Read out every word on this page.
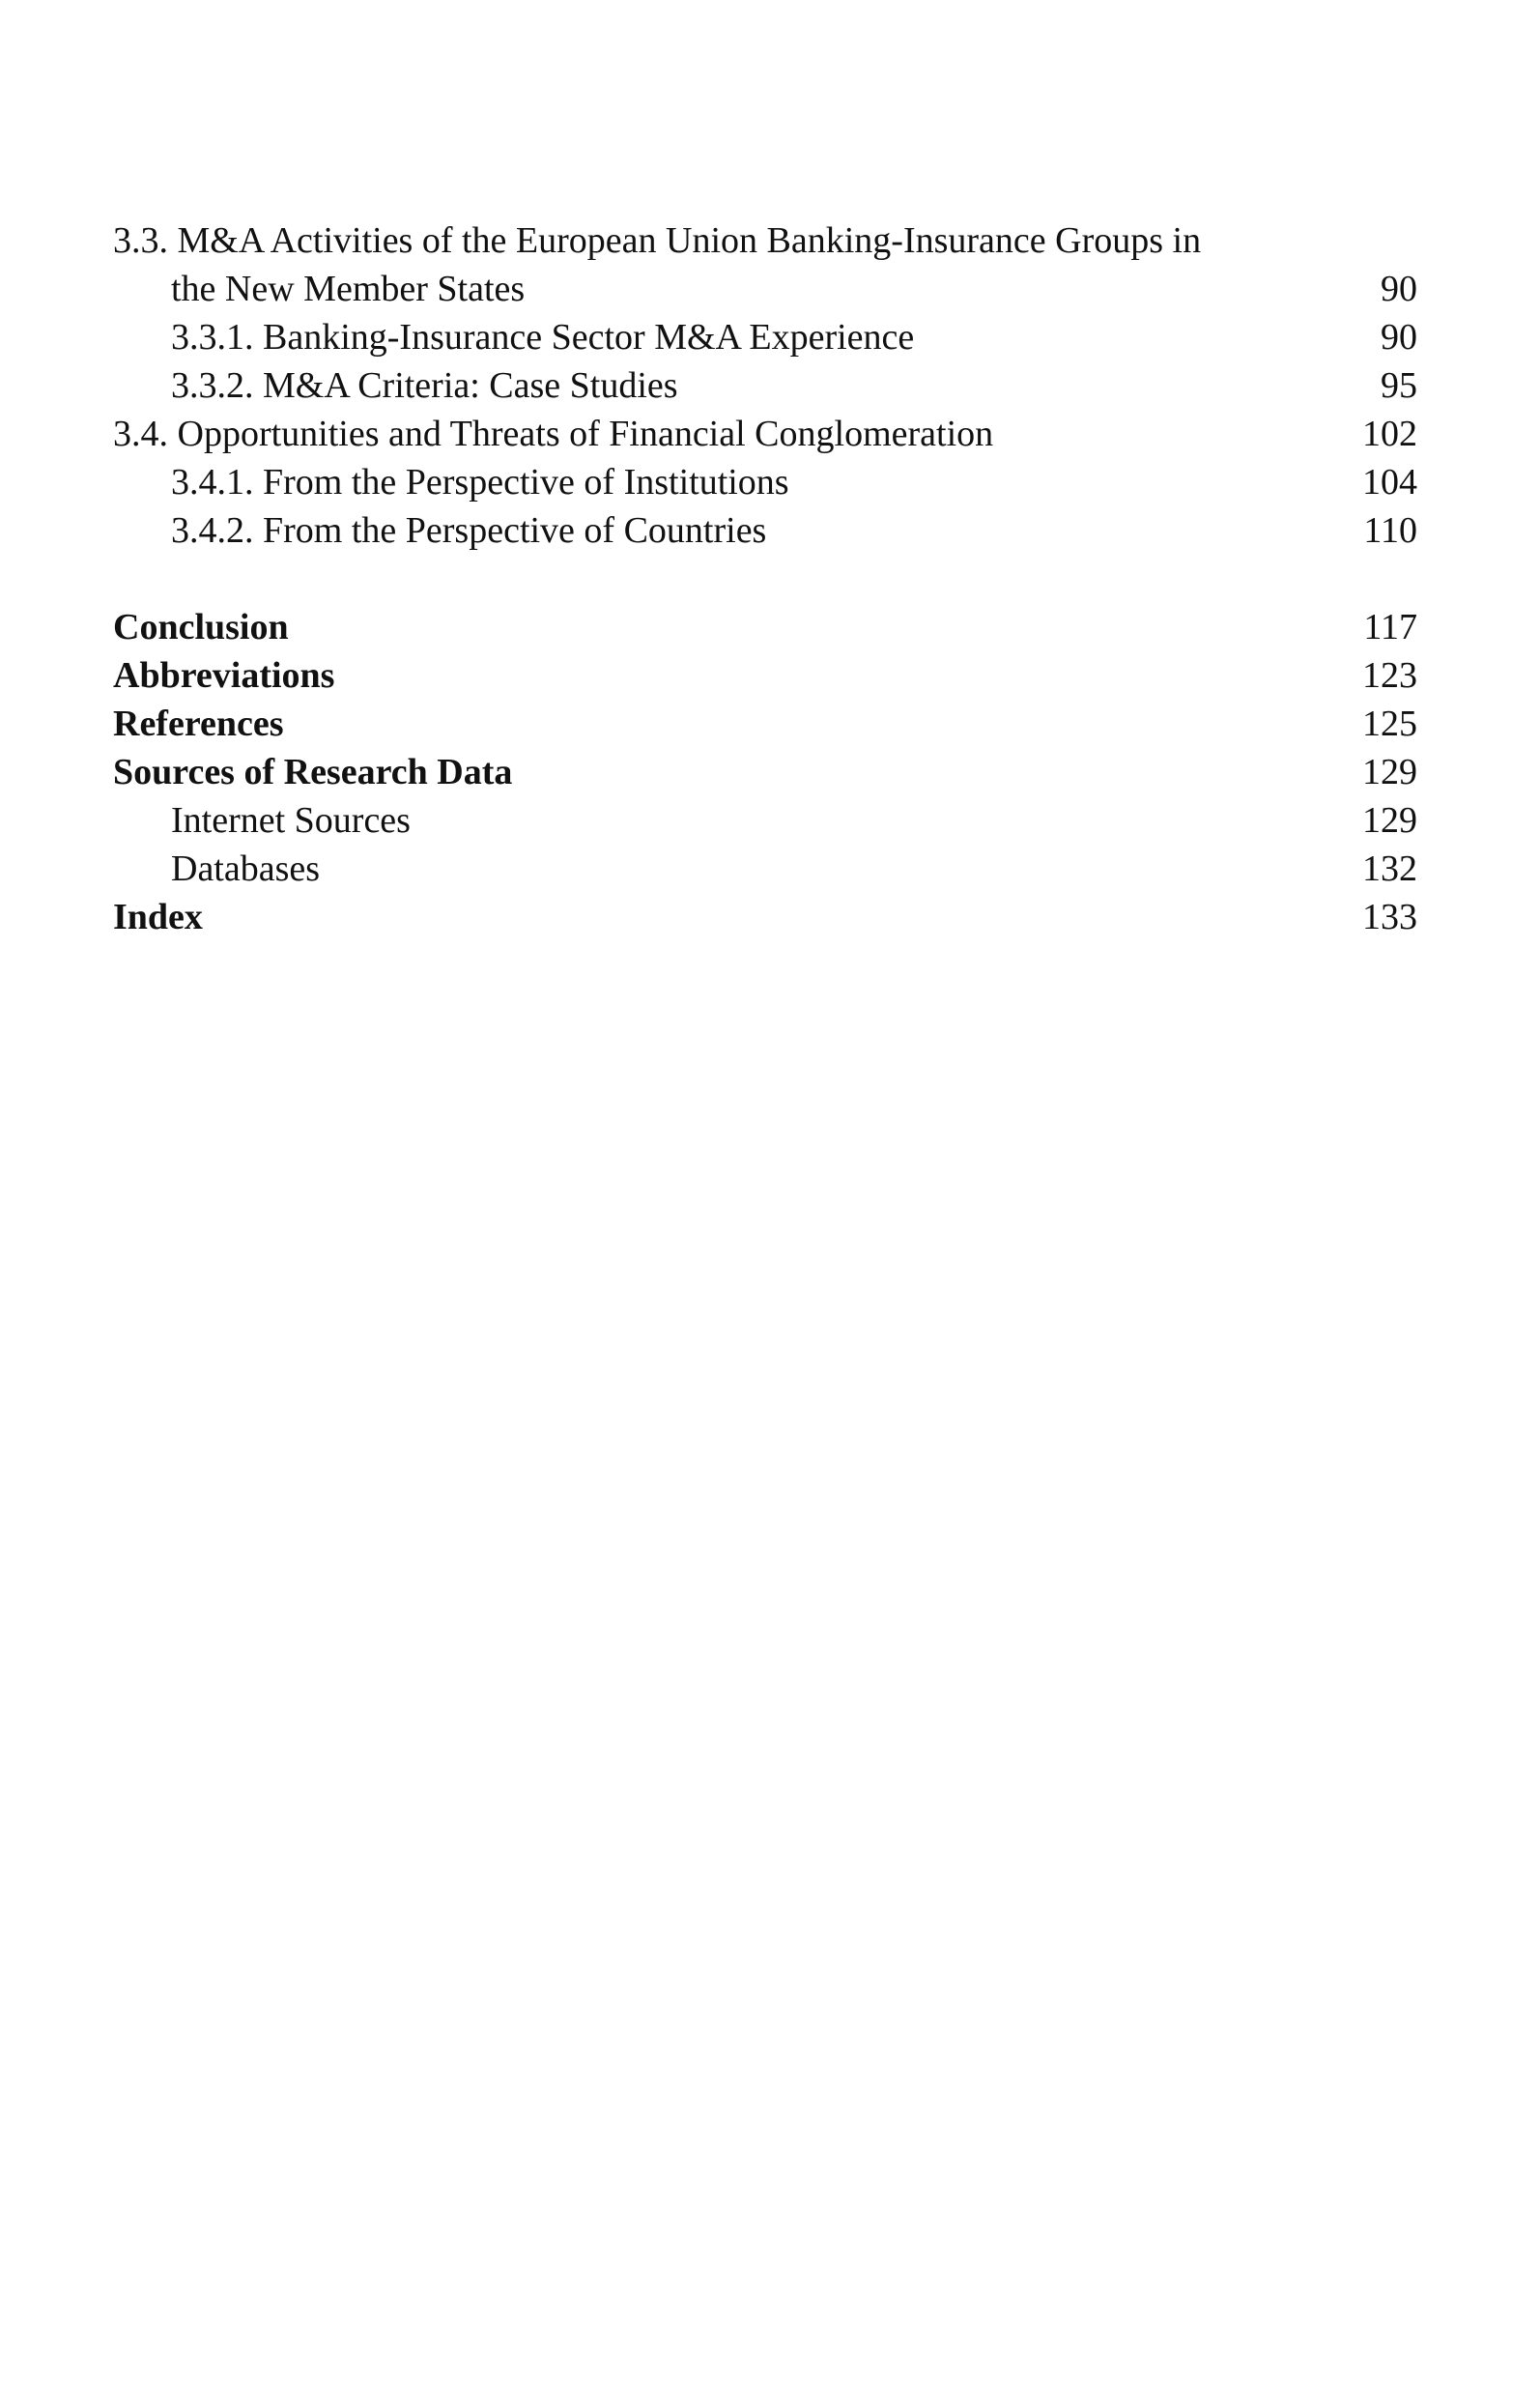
3.3. M&A Activities of the European Union Banking-Insurance Groups in
the New Member States	90
3.3.1. Banking-Insurance Sector M&A Experience	90
3.3.2. M&A Criteria: Case Studies	95
3.4. Opportunities and Threats of Financial Conglomeration	102
3.4.1. From the Perspective of Institutions	104
3.4.2. From the Perspective of Countries	110
Conclusion	117
Abbreviations	123
References	125
Sources of Research Data	129
Internet Sources	129
Databases	132
Index	133
